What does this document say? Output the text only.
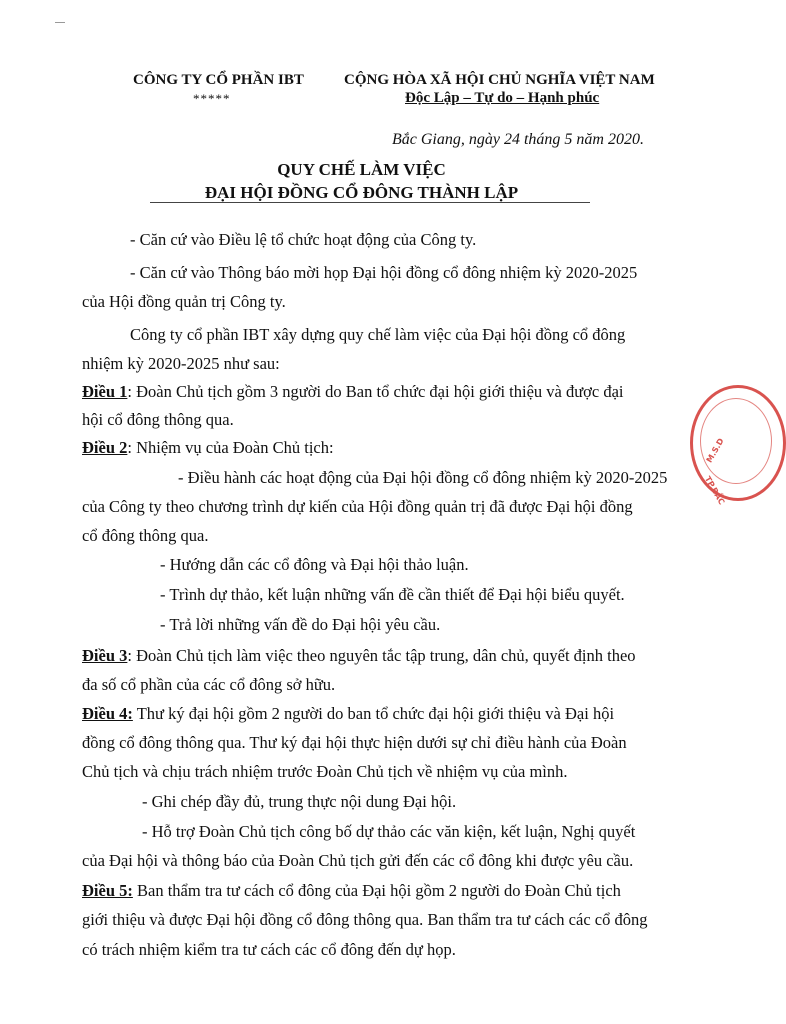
CÔNG TY CỔ PHẦN IBT
*****
CỘNG HÒA XÃ HỘI CHỦ NGHĨA VIỆT NAM
Độc Lập – Tự do – Hạnh phúc
Bắc Giang, ngày 24 tháng 5 năm 2020.
QUY CHẾ LÀM VIỆC
ĐẠI HỘI ĐỒNG CỔ ĐÔNG THÀNH LẬP
- Căn cứ vào Điều lệ tổ chức hoạt động của Công ty.
- Căn cứ vào Thông báo mời họp Đại hội đồng cổ đông nhiệm kỳ 2020-2025
của Hội đồng quản trị Công ty.
Công ty cổ phần IBT xây dựng quy chế làm việc của Đại hội đồng cổ đông
nhiệm kỳ 2020-2025 như sau:
Điều 1: Đoàn Chủ tịch gồm 3 người do Ban tổ chức đại hội giới thiệu và được đại
hội cổ đông thông qua.
Điều 2: Nhiệm vụ của Đoàn Chủ tịch:
- Điều hành các hoạt động của Đại hội đồng cổ đông nhiệm kỳ 2020-2025
của Công ty theo chương trình dự kiến của Hội đồng quản trị đã được Đại hội đồng
cổ đông thông qua.
- Hướng dẫn các cổ đông và Đại hội thảo luận.
- Trình dự thảo, kết luận những vấn đề cần thiết để Đại hội biểu quyết.
- Trả lời những vấn đề do Đại hội yêu cầu.
Điều 3: Đoàn Chủ tịch làm việc theo nguyên tắc tập trung, dân chủ, quyết định theo
đa số cổ phần của các cổ đông sở hữu.
Điều 4: Thư ký đại hội gồm 2 người do ban tổ chức đại hội giới thiệu và Đại hội
đồng cổ đông thông qua. Thư ký đại hội thực hiện dưới sự chỉ điều hành của Đoàn
Chủ tịch và chịu trách nhiệm trước Đoàn Chủ tịch về nhiệm vụ của mình.
- Ghi chép đầy đủ, trung thực nội dung Đại hội.
- Hỗ trợ Đoàn Chủ tịch công bố dự thảo các văn kiện, kết luận, Nghị quyết
của Đại hội và thông báo của Đoàn Chủ tịch gửi đến các cổ đông khi được yêu cầu.
Điều 5: Ban thẩm tra tư cách cổ đông của Đại hội gồm 2 người do Đoàn Chủ tịch
giới thiệu và được Đại hội đồng cổ đông thông qua. Ban thẩm tra tư cách các cổ đông
có trách nhiệm kiểm tra tư cách các cổ đông đến dự họp.
M.S.D
TP.BẮC
